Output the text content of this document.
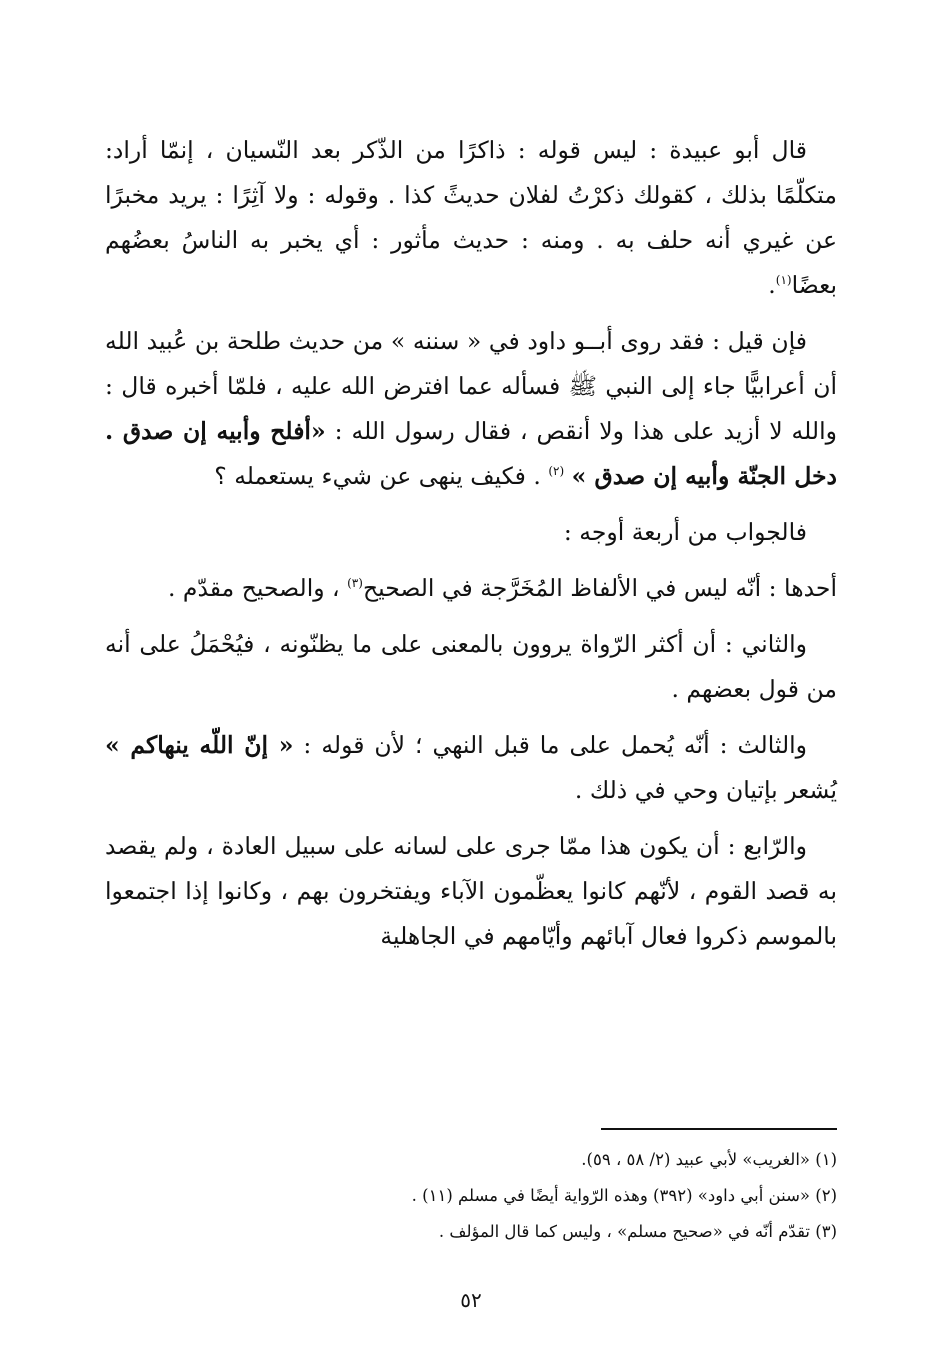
قال أبو عبيدة : ليس قوله : ذاكرًا من الذّكر بعد النّسيان ، إنمّا أراد: متكلّمًا بذلك ، كقولك ذكرْتُ لفلان حديثً كذا . وقوله : ولا آثِرًا : يريد مخبرًا عن غيري أنه حلف به . ومنه : حديث مأثور : أي يخبر به الناسُ بعضُهم بعضًا$^{(١)}$.

فإن قيل : فقد روى أبــو داود في « سننه » من حديث طلحة بن عُبيد الله أن أعرابيًّا جاء إلى النبي ﷺ فسأله عما افترض الله عليه ، فلمّا أخبره قال : والله لا أزيد على هذا ولا أنقص ، فقال رسول الله : «أفلح وأبيه إن صدق . دخل الجنّة وأبيه إن صدق » $^{(٢)}$ . فكيف ينهى عن شيء يستعمله ؟

فالجواب من أربعة أوجه :

أحدها : أنّه ليس في الألفاظ المُخَرَّجة في الصحيح$^{(٣)}$ ، والصحيح مقدّم .

والثاني : أن أكثر الرّواة يروون بالمعنى على ما يظنّونه ، فيُحْمَلُ على أنه من قول بعضهم .

والثالث : أنّه يُحمل على ما قبل النهي ؛ لأن قوله : « إنّ اللّه ينهاكم » يُشعر بإتيان وحي في ذلك .

والرّابع : أن يكون هذا ممّا جرى على لسانه على سبيل العادة ، ولم يقصد به قصد القوم ، لأنّهم كانوا يعظّمون الآباء ويفتخرون بهم ، وكانوا إذا اجتمعوا بالموسم ذكروا فعال آبائهم وأيّامهم في الجاهلية

(١) «الغريب» لأبي عبيد (٢/ ٥٨ ، ٥٩).
(٢) «سنن أبي داود» (٣٩٢) وهذه الرّواية أيضًا في مسلم (١١) .
(٣) تقدّم أنّه في «صحيح مسلم» ، وليس كما قال المؤلف .
٥٢
